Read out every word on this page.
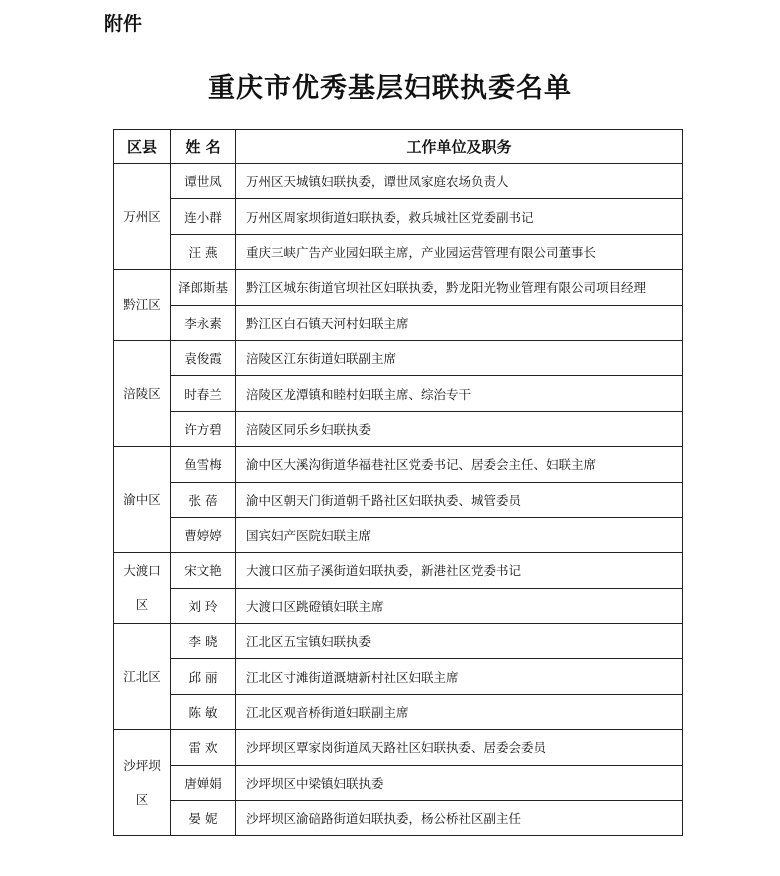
附件
重庆市优秀基层妇联执委名单
区县	姓 名	工作单位及职务

万州区	谭世凤	万州区天城镇妇联执委，谭世凤家庭农场负责人
	连小群	万州区周家坝街道妇联执委，救兵城社区党委副书记
	汪 燕	重庆三峡广告产业园妇联主席，产业园运营管理有限公司董事长

黔江区	泽郎斯基	黔江区城东街道官坝社区妇联执委，黔龙阳光物业管理有限公司项目经理
	李永素	黔江区白石镇天河村妇联主席

涪陵区	袁俊霞	涪陵区江东街道妇联副主席
	时春兰	涪陵区龙潭镇和睦村妇联主席、综治专干
	许方碧	涪陵区同乐乡妇联执委

渝中区	鱼雪梅	渝中区大溪沟街道华福巷社区党委书记、居委会主任、妇联主席
	张 蓓	渝中区朝天门街道朝千路社区妇联执委、城管委员
	曹婷婷	国宾妇产医院妇联主席

大渡口
区	宋文艳	大渡口区茄子溪街道妇联执委，新港社区党委书记
	刘 玲	大渡口区跳磴镇妇联主席

江北区	李 晓	江北区五宝镇妇联执委
	邱 丽	江北区寸滩街道溉塘新村社区妇联主席
	陈 敏	江北区观音桥街道妇联副主席

沙坪坝
区	雷 欢	沙坪坝区覃家岗街道凤天路社区妇联执委、居委会委员
	唐婵娟	沙坪坝区中梁镇妇联执委
	晏 妮	沙坪坝区渝碚路街道妇联执委，杨公桥社区副主任
